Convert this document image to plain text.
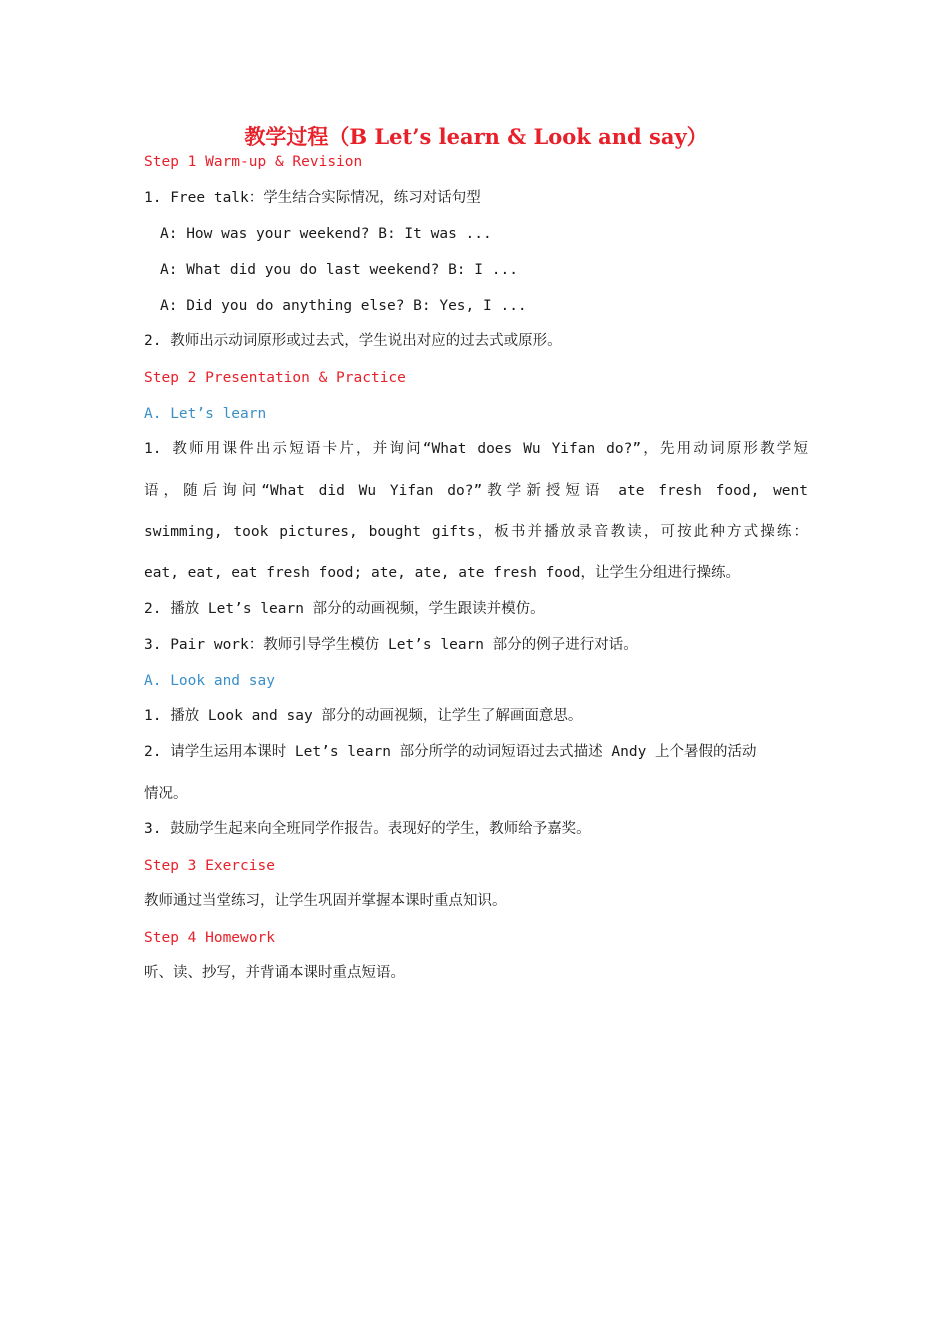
教学过程（B Let’s learn & Look and say）
Step 1 Warm-up & Revision
1. Free talk：学生结合实际情况，练习对话句型
A: How was your weekend? B: It was ...
A: What did you do last weekend? B: I ...
A: Did you do anything else? B: Yes, I ...
2. 教师出示动词原形或过去式，学生说出对应的过去式或原形。
Step 2 Presentation & Practice
A. Let’s learn
1. 教师用课件出示短语卡片，并询问“What does Wu Yifan do?”，先用动词原形教学短
语，随后询问“What did Wu Yifan do?”教学新授短语 ate fresh food, went
swimming, took pictures, bought gifts，板书并播放录音教读，可按此种方式操练：
eat, eat, eat fresh food; ate, ate, ate fresh food，让学生分组进行操练。
2. 播放 Let’s learn 部分的动画视频，学生跟读并模仿。
3. Pair work：教师引导学生模仿 Let’s learn 部分的例子进行对话。
A. Look and say
1. 播放 Look and say 部分的动画视频，让学生了解画面意思。
2. 请学生运用本课时 Let’s learn 部分所学的动词短语过去式描述 Andy 上个暑假的活动
情况。
3. 鼓励学生起来向全班同学作报告。表现好的学生，教师给予嘉奖。
Step 3 Exercise
教师通过当堂练习，让学生巩固并掌握本课时重点知识。
Step 4 Homework
听、读、抄写，并背诵本课时重点短语。
